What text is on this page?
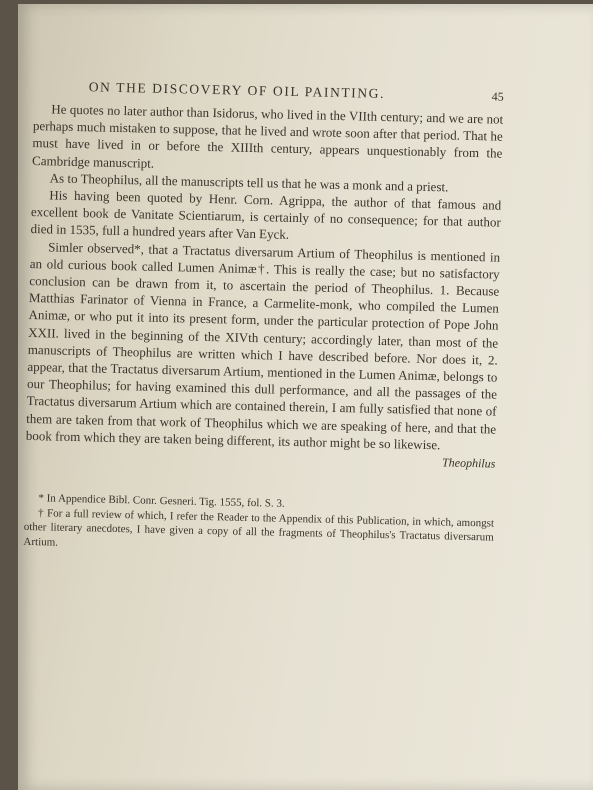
ON THE DISCOVERY OF OIL PAINTING.	45

He quotes no later author than Isidorus, who lived in the VIIth century; and we are not perhaps much mistaken to suppose, that he lived and wrote soon after that period. That he must have lived in or before the XIIIth century, appears unquestionably from the Cambridge manuscript.

As to Theophilus, all the manuscripts tell us that he was a monk and a priest.

His having been quoted by Henr. Corn. Agrippa, the author of that famous and excellent book de Vanitate Scientiarum, is certainly of no consequence; for that author died in 1535, full a hundred years after Van Eyck.

Simler observed*, that a Tractatus diversarum Artium of Theophilus is mentioned in an old curious book called Lumen Animæ†. This is really the case; but no satisfactory conclusion can be drawn from it, to ascertain the period of Theophilus. 1. Because Matthias Farinator of Vienna in France, a Carmelite-monk, who compiled the Lumen Animæ, or who put it into its present form, under the particular protection of Pope John XXII. lived in the beginning of the XIVth century; accordingly later, than most of the manuscripts of Theophilus are written which I have described before. Nor does it, 2. appear, that the Tractatus diversarum Artium, mentioned in the Lumen Animæ, belongs to our Theophilus; for having examined this dull performance, and all the passages of the Tractatus diversarum Artium which are contained therein, I am fully satisfied that none of them are taken from that work of Theophilus which we are speaking of here, and that the book from which they are taken being different, its author might be so likewise.

Theophilus

* In Appendice Bibl. Conr. Gesneri. Tig. 1555, fol. S. 3.

† For a full review of which, I refer the Reader to the Appendix of this Publication, in which, amongst other literary anecdotes, I have given a copy of all the fragments of Theophilus's Tractatus diversarum Artium.
